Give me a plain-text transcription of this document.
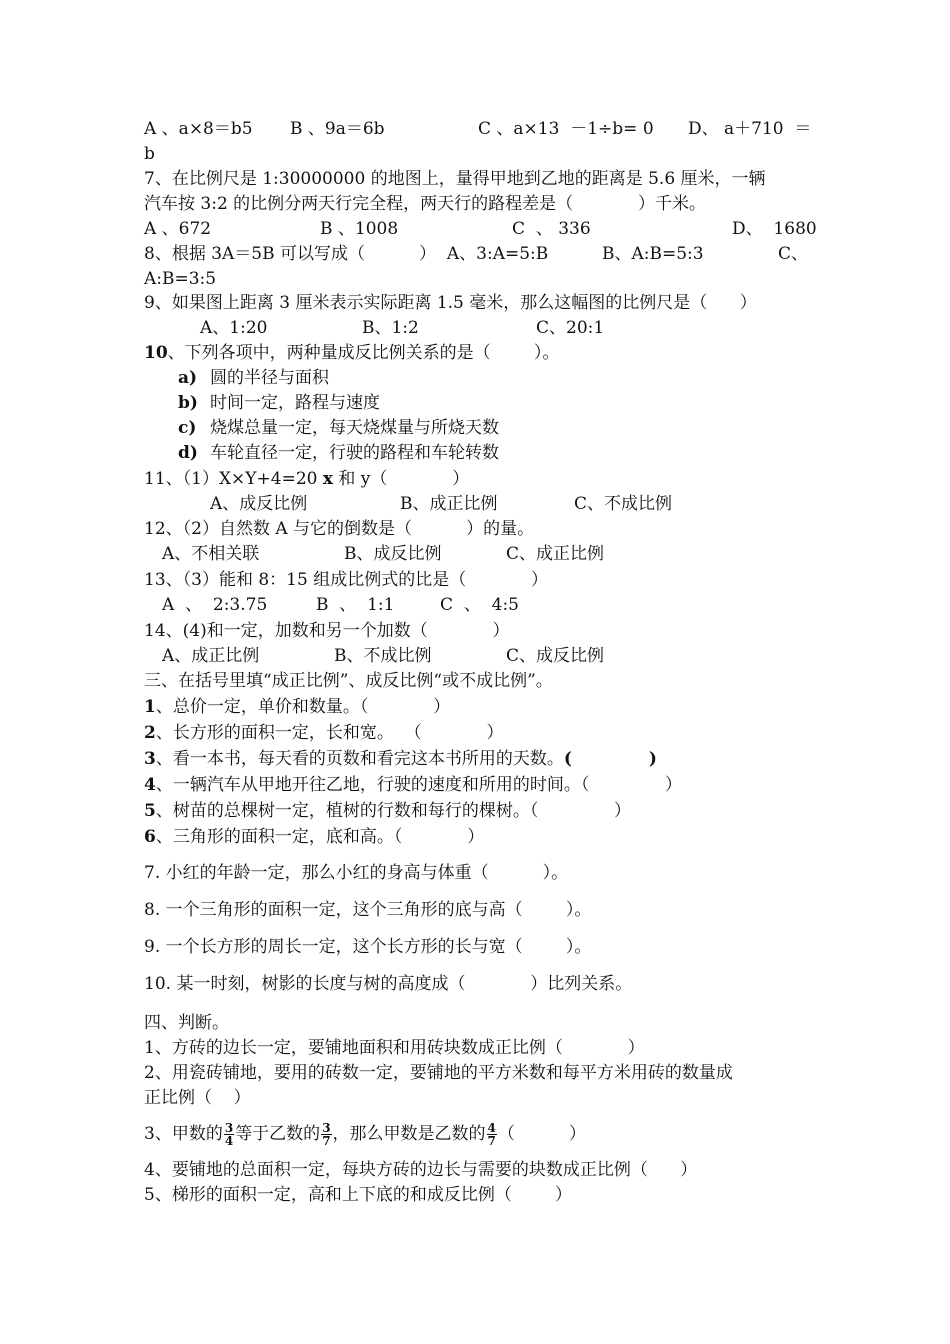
A 、a×8＝b5 B 、9a＝6b	C 、a×13  －1÷b= 0 D、 a＋710  ＝
b
7、在比例尺是 1:30000000 的地图上，量得甲地到乙地的距离是 5.6 厘米，一辆
汽车按 3:2 的比例分两天行完全程，两天行的路程差是（            ）千米。
A 、672	B 、1008	C  、 336	D、  1680
8、根据 3A＝5B 可以写成（          ）  A、3:A=5:B	B、A:B=5:3	C、
A:B=3:5
9、如果图上距离 3 厘米表示实际距离 1.5 毫米，那么这幅图的比例尺是（      ）
A、1:20	B、1:2	C、20:1
10、下列各项中，两种量成反比例关系的是（        ）。
a) 圆的半径与面积
b) 时间一定，路程与速度
c) 烧煤总量一定，每天烧煤量与所烧天数
d) 车轮直径一定，行驶的路程和车轮转数
11、（1）X×Y+4=20 x 和 y（            ）
A、成反比例	B、成正比例	C、不成比例
12、（2）自然数 A 与它的倒数是（          ）的量。
A、不相关联	B、成反比例	C、成正比例
13、（3）能和 8：15 组成比例式的比是（            ）
A  、  2:3.75	B  、  1:1	C  、  4:5
14、(4)和一定，加数和另一个加数（            ）
A、成正比例	B、不成比例	C、成反比例
三、在括号里填“成正比例”、成反比例“或不成比例”。
1、总价一定，单价和数量。（            ）
2、长方形的面积一定，长和宽。  （            ）
3、看一本书，每天看的页数和看完这本书所用的天数。(             )
4、一辆汽车从甲地开往乙地，行驶的速度和所用的时间。（              ）
5、树苗的总棵树一定，植树的行数和每行的棵树。（              ）
6、三角形的面积一定，底和高。（            ）
7. 小红的年龄一定，那么小红的身高与体重（          ）。
8. 一个三角形的面积一定，这个三角形的底与高（        ）。
9. 一个长方形的周长一定，这个长方形的长与宽（        ）。
10. 某一时刻，树影的长度与树的高度成（            ）比列关系。
四、判断。
1、方砖的边长一定，要铺地面积和用砖块数成正比例（            ）
2、用瓷砖铺地，要用的砖数一定，要铺地的平方米数和每平方米用砖的数量成
正比例（    ）
3、甲数的 $\frac{3}{4}$ 等于乙数的 $\frac{3}{7}$ ，那么甲数是乙数的 $\frac{4}{7}$ （          ）
4、要铺地的总面积一定，每块方砖的边长与需要的块数成正比例（      ）
5、梯形的面积一定，高和上下底的和成反比例（        ）
